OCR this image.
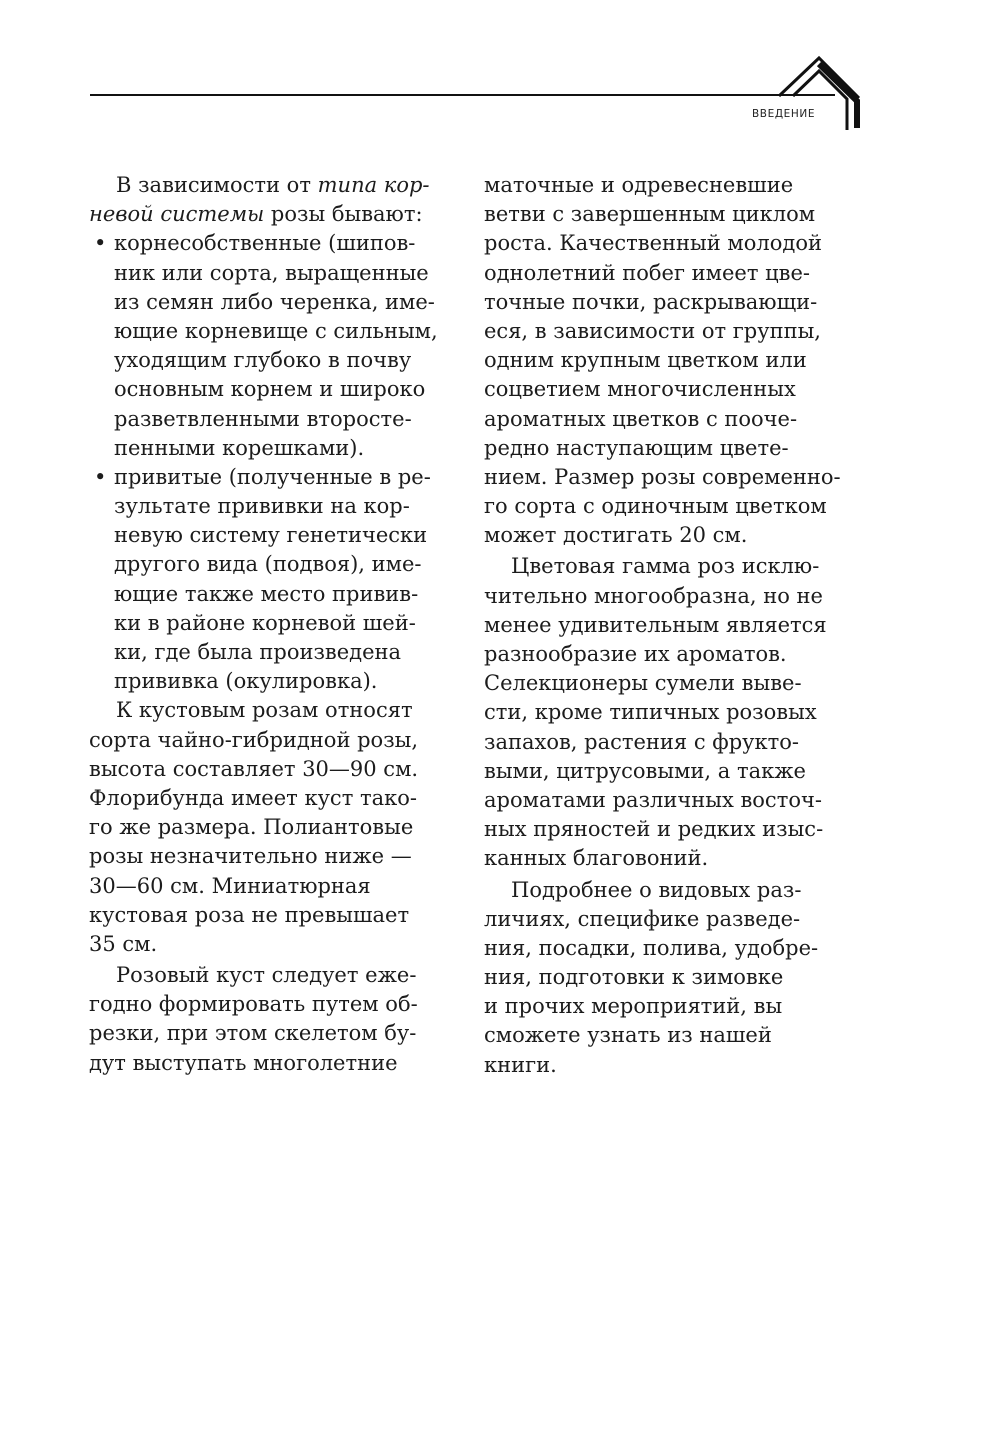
ВВЕДЕНИЕ
В зависимости от типа кор-
невой системы розы бывают:
• корнесобственные (шипов-
ник или сорта, выращенные
из семян либо черенка, име-
ющие корневище с сильным,
уходящим глубоко в почву
основным корнем и широко
разветвленными второсте-
пенными корешками).
• привитые (полученные в ре-
зультате прививки на кор-
невую систему генетически
другого вида (подвоя), име-
ющие также место привив-
ки в районе корневой шей-
ки, где была произведена
прививка (окулировка).
К кустовым розам относят
сорта чайно-гибридной розы,
высота составляет 30—90 см.
Флорибунда имеет куст тако-
го же размера. Полиантовые
розы незначительно ниже —
30—60 см. Миниатюрная
кустовая роза не превышает
35 см.
Розовый куст следует еже-
годно формировать путем об-
резки, при этом скелетом бу-
дут выступать многолетние
маточные и одревесневшие
ветви с завершенным циклом
роста. Качественный молодой
однолетний побег имеет цве-
точные почки, раскрывающи-
еся, в зависимости от группы,
одним крупным цветком или
соцветием многочисленных
ароматных цветков с пооче-
редно наступающим цвете-
нием. Размер розы современно-
го сорта с одиночным цветком
может достигать 20 см.
Цветовая гамма роз исклю-
чительно многообразна, но не
менее удивительным является
разнообразие их ароматов.
Селекционеры сумели выве-
сти, кроме типичных розовых
запахов, растения с фрукто-
выми, цитрусовыми, а также
ароматами различных восточ-
ных пряностей и редких изыс-
канных благовоний.
Подробнее о видовых раз-
личиях, специфике разведе-
ния, посадки, полива, удобре-
ния, подготовки к зимовке
и прочих мероприятий, вы
сможете узнать из нашей
книги.
